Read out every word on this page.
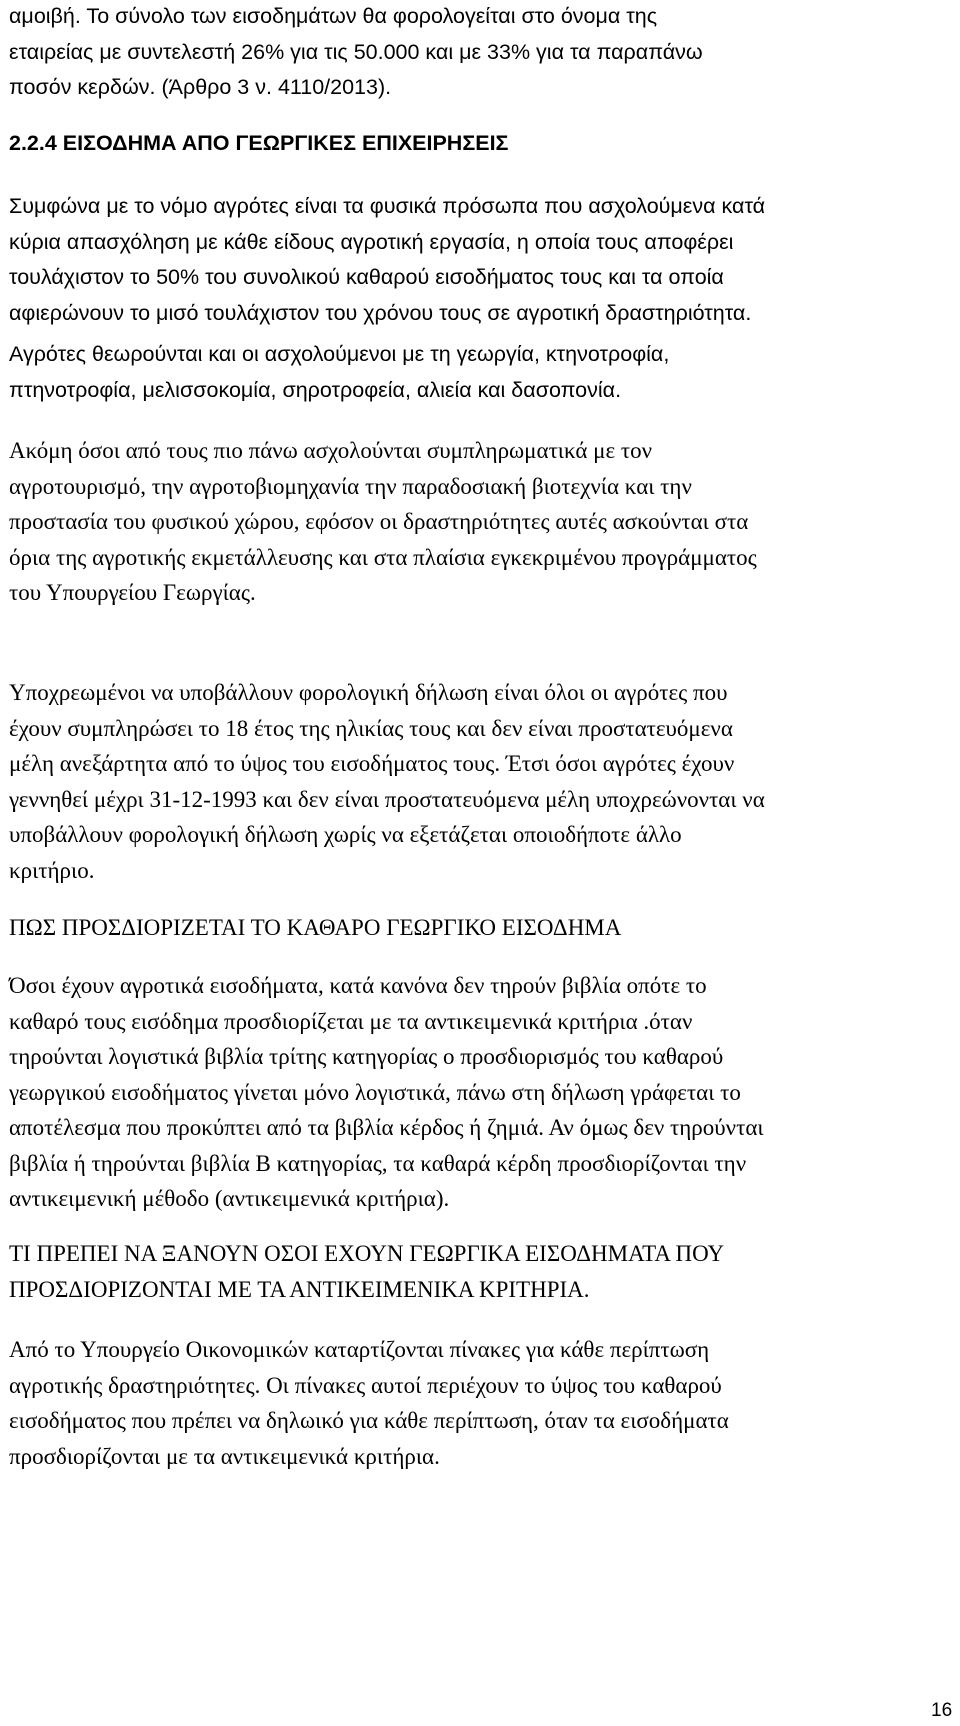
αμοιβή. Το σύνολο των εισοδημάτων θα φορολογείται στο όνομα της
εταιρείας με συντελεστή 26% για τις 50.000 και με 33% για τα παραπάνω
ποσόν κερδών. (Άρθρο 3 ν. 4110/2013).
2.2.4 ΕΙΣΟΔΗΜΑ ΑΠΟ ΓΕΩΡΓΙΚΕΣ ΕΠΙΧΕΙΡΗΣΕΙΣ
Συμφώνα με το νόμο αγρότες είναι τα φυσικά πρόσωπα που ασχολούμενα κατά
κύρια απασχόληση με κάθε είδους αγροτική εργασία, η οποία τους αποφέρει
τουλάχιστον το 50% του συνολικού καθαρού εισοδήματος τους και τα οποία
αφιερώνουν το μισό τουλάχιστον του χρόνου τους σε αγροτική δραστηριότητα.
Αγρότες θεωρούνται και οι ασχολούμενοι με τη γεωργία, κτηνοτροφία,
πτηνοτροφία, μελισσοκομία, σηροτροφεία, αλιεία και δασοπονία.
Ακόμη όσοι από τους πιο πάνω ασχολούνται συμπληρωματικά με τον
αγροτουρισμό, την αγροτοβιομηχανία την παραδοσιακή βιοτεχνία και την
προστασία του φυσικού χώρου, εφόσον οι δραστηριότητες αυτές ασκούνται στα
όρια της αγροτικής εκμετάλλευσης και στα πλαίσια εγκεκριμένου προγράμματος
του Υπουργείου Γεωργίας.
Υποχρεωμένοι να υποβάλλουν φορολογική δήλωση είναι όλοι οι αγρότες που
έχουν συμπληρώσει το 18 έτος της ηλικίας τους και δεν είναι προστατευόμενα
μέλη ανεξάρτητα από το ύψος του εισοδήματος τους. Έτσι όσοι αγρότες έχουν
γεννηθεί μέχρι 31-12-1993 και δεν είναι προστατευόμενα μέλη υποχρεώνονται να
υποβάλλουν φορολογική δήλωση χωρίς να εξετάζεται οποιοδήποτε άλλο
κριτήριο.
ΠΩΣ ΠΡΟΣΔΙΟΡΙΖΕΤΑΙ ΤΟ ΚΑΘΑΡΟ ΓΕΩΡΓΙΚΟ ΕΙΣΟΔΗΜΑ
Όσοι έχουν αγροτικά εισοδήματα, κατά κανόνα δεν τηρούν βιβλία οπότε το
καθαρό τους εισόδημα προσδιορίζεται με τα αντικειμενικά κριτήρια .όταν
τηρούνται λογιστικά βιβλία τρίτης κατηγορίας ο προσδιορισμός του καθαρού
γεωργικού εισοδήματος γίνεται μόνο λογιστικά, πάνω στη δήλωση γράφεται το
αποτέλεσμα που προκύπτει από τα βιβλία κέρδος ή ζημιά. Αν όμως δεν τηρούνται
βιβλία ή τηρούνται βιβλία Β κατηγορίας, τα καθαρά κέρδη προσδιορίζονται την
αντικειμενική μέθοδο (αντικειμενικά κριτήρια).
ΤΙ ΠΡΕΠΕΙ ΝΑ ΞΑΝΟΥΝ ΟΣΟΙ ΕΧΟΥΝ ΓΕΩΡΓΙΚΑ ΕΙΣΟΔΗΜΑΤΑ ΠΟΥ
ΠΡΟΣΔΙΟΡΙΖΟΝΤΑΙ ΜΕ ΤΑ ΑΝΤΙΚΕΙΜΕΝΙΚΑ ΚΡΙΤΗΡΙΑ.
Από το Υπουργείο Οικονομικών καταρτίζονται πίνακες για κάθε περίπτωση
αγροτικής δραστηριότητες. Οι πίνακες αυτοί περιέχουν το ύψος του καθαρού
εισοδήματος που πρέπει να δηλωικό για κάθε περίπτωση, όταν τα εισοδήματα
προσδιορίζονται με τα αντικειμενικά κριτήρια.
16
